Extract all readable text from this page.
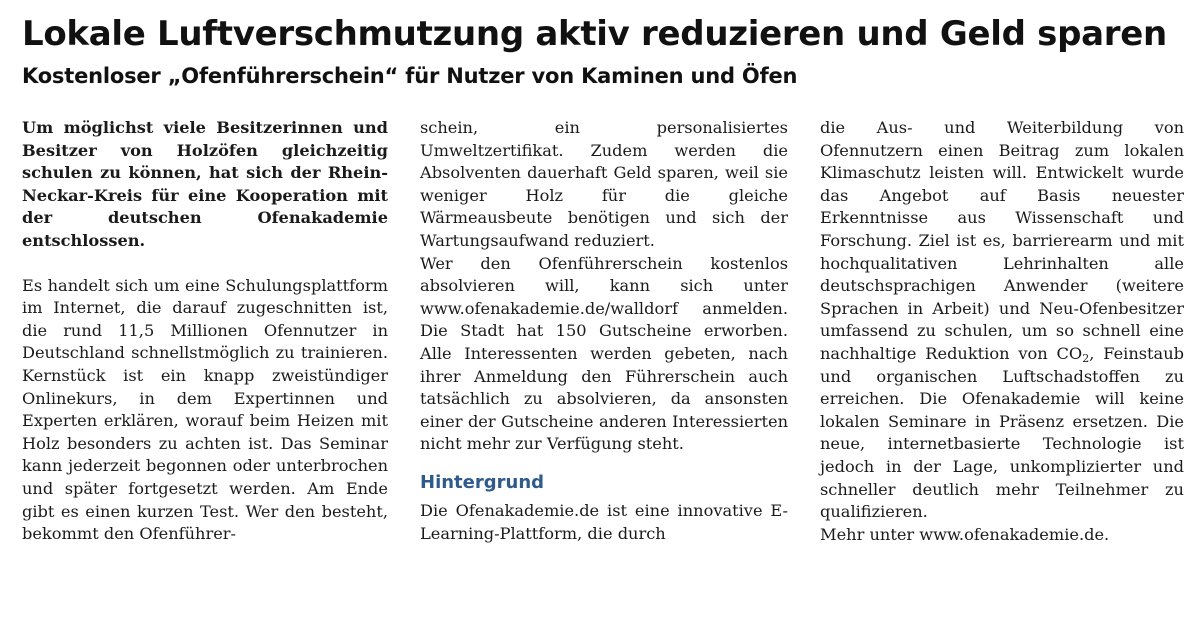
Lokale Luftverschmutzung aktiv reduzieren und Geld sparen
Kostenloser „Ofenführerschein“ für Nutzer von Kaminen und Öfen

Um möglichst viele Besitzerinnen und Besitzer von Holzöfen gleichzeitig schulen zu können, hat sich der Rhein-Neckar-Kreis für eine Kooperation mit der deutschen Ofenakademie entschlossen.

Es handelt sich um eine Schulungsplattform im Internet, die darauf zugeschnitten ist, die rund 11,5 Millionen Ofennutzer in Deutschland schnellstmöglich zu trainieren. Kernstück ist ein knapp zweistündiger Onlinekurs, in dem Expertinnen und Experten erklären, worauf beim Heizen mit Holz besonders zu achten ist. Das Seminar kann jederzeit begonnen oder unterbrochen und später fortgesetzt werden. Am Ende gibt es einen kurzen Test. Wer den besteht, bekommt den Ofenführer-

schein, ein personalisiertes Umweltzertifikat. Zudem werden die Absolventen dauerhaft Geld sparen, weil sie weniger Holz für die gleiche Wärmeausbeute benötigen und sich der Wartungsaufwand reduziert.

Wer den Ofenführerschein kostenlos absolvieren will, kann sich unter www.ofenakademie.de/walldorf anmelden. Die Stadt hat 150 Gutscheine erworben. Alle Interessenten werden gebeten, nach ihrer Anmeldung den Führerschein auch tatsächlich zu absolvieren, da ansonsten einer der Gutscheine anderen Interessierten nicht mehr zur Verfügung steht.

Hintergrund

Die Ofenakademie.de ist eine innovative E-Learning-Plattform, die durch

die Aus- und Weiterbildung von Ofennutzern einen Beitrag zum lokalen Klimaschutz leisten will. Entwickelt wurde das Angebot auf Basis neuester Erkenntnisse aus Wissenschaft und Forschung. Ziel ist es, barrierearm und mit hochqualitativen Lehrinhalten alle deutschsprachigen Anwender (weitere Sprachen in Arbeit) und Neu-Ofenbesitzer umfassend zu schulen, um so schnell eine nachhaltige Reduktion von $CO_2$, Feinstaub und organischen Luftschadstoffen zu erreichen. Die Ofenakademie will keine lokalen Seminare in Präsenz ersetzen. Die neue, internetbasierte Technologie ist jedoch in der Lage, unkomplizierter und schneller deutlich mehr Teilnehmer zu qualifizieren.

Mehr unter www.ofenakademie.de.
